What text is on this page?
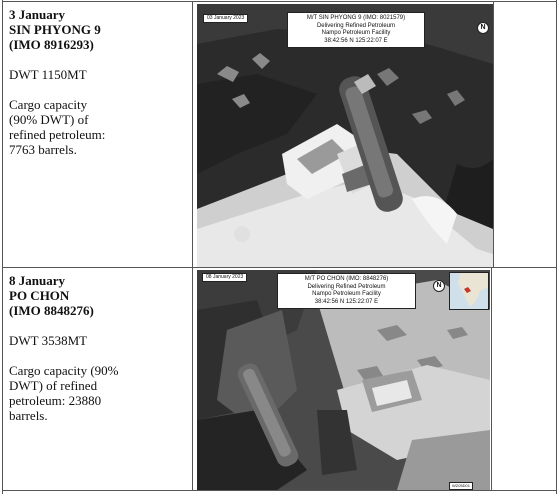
3 January
SIN PHYONG 9
(IMO 8916293)
DWT 1150MT
Cargo capacity
(90% DWT) of
refined petroleum:
7763 barrels.
03 January 2023	M/T SIN PHYONG 9 (IMO: 8021579)
Delivering Refined Petroleum
Nampo Petroleum Facility
38:42:56 N 125:22:07 E
N
8 January
PO CHON
(IMO 8848276)
DWT 3538MT
Cargo capacity (90%
DWT) of refined
petroleum: 23880
barrels.
08 January 2023	M/T PO CHON (IMO: 8848276)
Delivering Refined Petroleum
Nampo Petroleum Facility
38:42:56 N 125:22:07 E
N
WZ05D01
